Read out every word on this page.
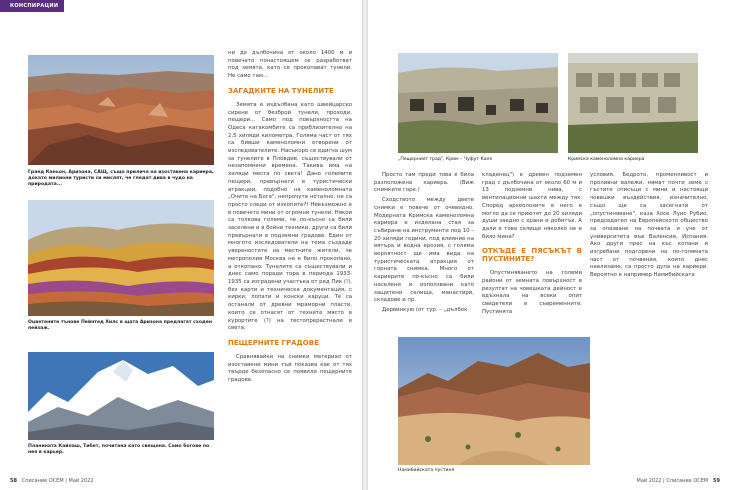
КОНСПИРАЦИИ
Гранд Каньон, Аризона, САЩ, също прилича на изоставена кариера, докато милиони туристи си мислят, че гледат дива в чудо на природата...
Оцветените тънове Пейнтед Хилс в щата Аризона предлагат сходен пейзаж.
Планината Кайлаш, Тибет, почитана като свещена. Само богове по нея в карьер.

ни до дълбочина от около 1400 м и повечето понастоящем се разработват под земята, като се прокопават тунели. Не само там...

ЗАГАДКИТЕ НА ТУНЕЛИТЕ

Земята е издълбана като швейцарско сирене от безброй тунели, проходи, пещери... Само под повърхността на Одеса катакомбите са приблизително на 2,5 хиляди километра. Голяма част от тях са бивши каменоломни отворени от изследователите. Насъкоро се вдигна шум за тунелите в Пловдив, съществували от незапомнени времена. Такива има на хиляди места по света! Дано големите пещери, превърнати в туристически атракции, подобно на каменоломната „Очите на Бога", непрочута нотално, не са просто следи от изкопите?! Невъзможно е в повечето мини от огромни тунели. Някои са толкова големи, че по-късно са били заселени и в бойни техники, други са били превърнати в подземни градове. Един от многото изследователи на тема създаде увереностите на местните жители, че метрополия Москва не е било прокопано, а откопано. Тунелите са съществували и днес само поради тора в периода 1933-1935 са изградени участъка от ред Пик (!), без карти и техническа документация, с кирки, лопати и конски каруци. Те са останали от древни мраморни пласти, които се отнасят от техните място в курортите (?) на тестопрерастнали в света.

ПЕЩЕРНИТЕ ГРАДОВЕ

Сравнявайки на снимки материал от изоставени мини тъй показва как от тях твърде безопасно се появили пещерните градове.

58 Списание ОСЕМ | Май 2022
„Пещерният град", Крим – Чуфут Кале	Кримска каменоломна кариера

Просто там преди това е била разположена кариера. (Виж снимките горе.)

Сходството между двете снимки е повече от очевидно. Модерната Кримска каменоломна кариера е издялана стая за събиране на инструменти под 10 – 20 хиляди години, под влияние на вятъра и водна ерозия, с голяма вероятност ще има вида на туристическата атракция от горната снимка. Много от кариерите по-късно са били населени и използвани като защитени селища, манастири, складове и пр.

Дервинкую (от тур. – „дълбок

кладенец") е древен подземен град с дълбочина от около 60 м и 13 подземни нива, с вентилационни шахти между тях. Според археолозите в него е могло да се приютят до 20 хиляди души заедно с храни и добитък. А дали е това селище няколко не е било мина?

ОТКЪДЕ Е ПЯСЪКЪТ В ПУСТИНИТЕ?

Опустиняването на големи райони от земната повърхност в резултат на човешката дейност е вдъхнала на всеки опит свидетели в съвременните. Пустинята

условия. Бедрото, променливост и проливни валежи, нямат почти земе с гъстите списъци с мини и настоящи човешки въздействия, изначително, също ще са засегнати от „опустиняване", каза Хосе Луис Рубио, председател на Европейското общество за опазване на почвата и уче от университета във Валенсия, Испания. Ако други прес на къс копани и изгребани подгорени на по-голямата част от почвения, които днес навлизаме, са просто дупа на кариери. Вероятно е например Намибийската

Намибийската пустиня
Май 2022 | Списание ОСЕМ 59
